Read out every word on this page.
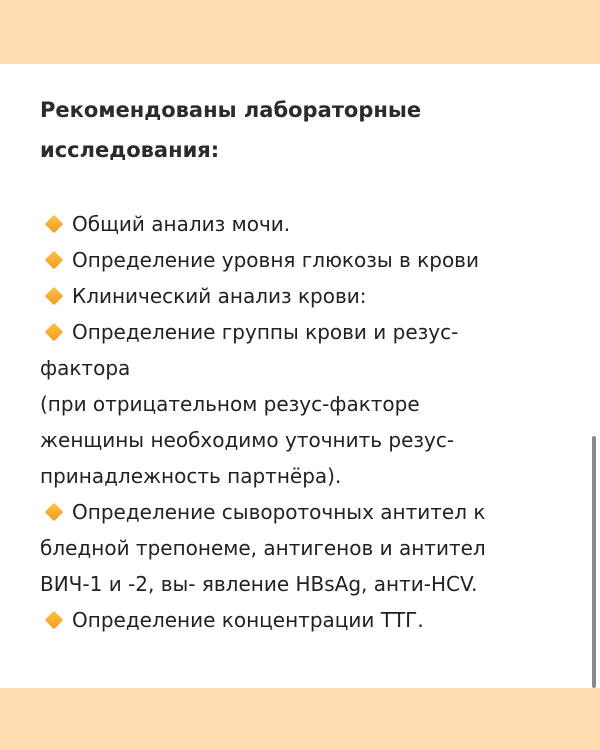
Рекомендованы лабораторные
исследования:
Общий анализ мочи.
Определение уровня глюкозы в крови
Клинический анализ крови:
Определение группы крови и резус-
фактора
(при отрицательном резус-факторе
женщины необходимо уточнить резус-
принадлежность партнёра).
Определение сывороточных антител к
бледной трепонеме, антигенов и антител
ВИЧ-1 и -2, вы- явление HBsAg, анти-HCV.
Определение концентрации ТТГ.
